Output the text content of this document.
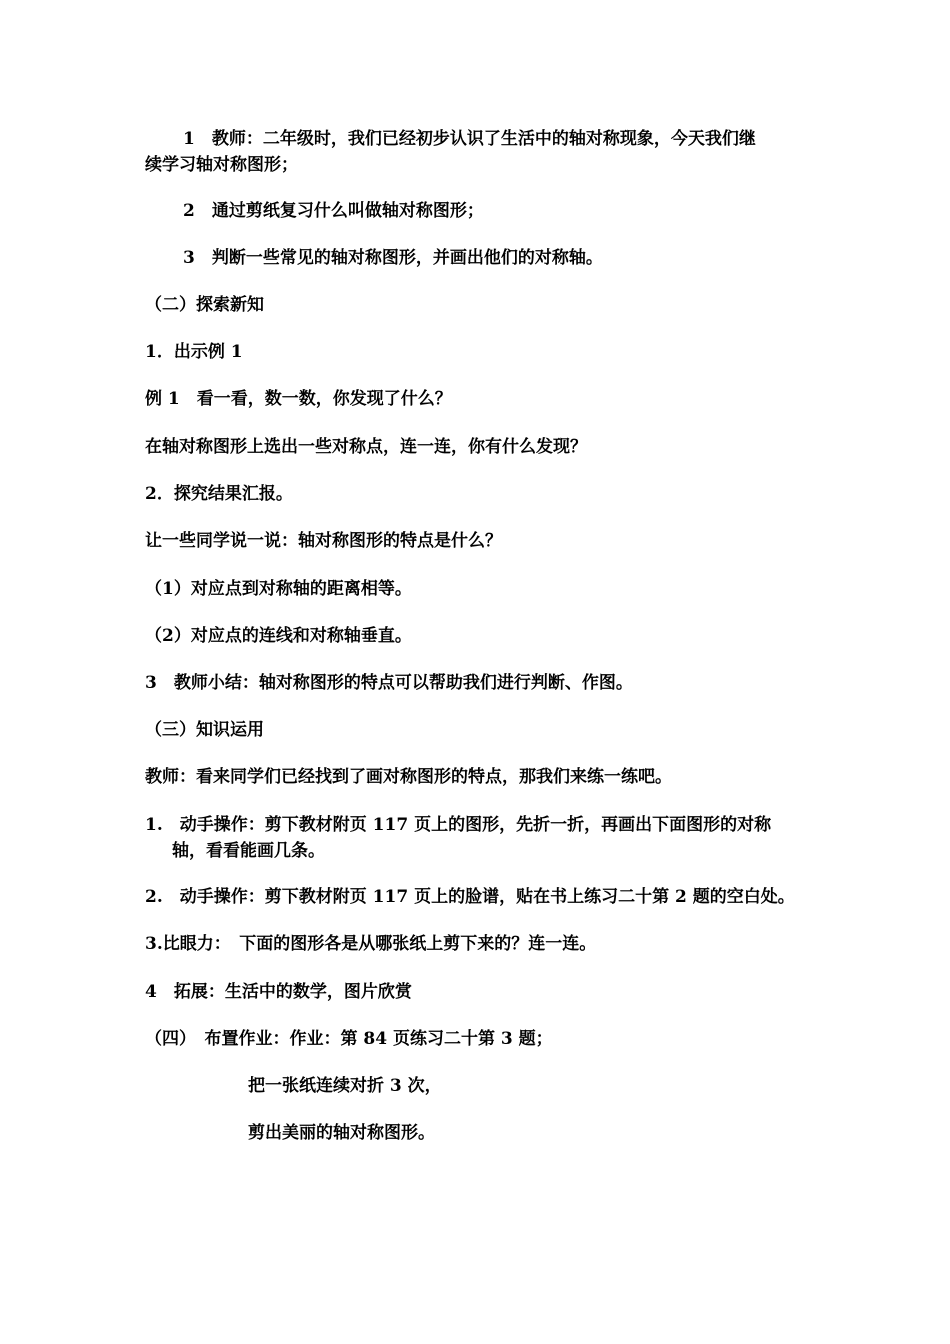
1　教师：二年级时，我们已经初步认识了生活中的轴对称现象，今天我们继
续学习轴对称图形；
2　通过剪纸复习什么叫做轴对称图形；
3　判断一些常见的轴对称图形，并画出他们的对称轴。
（二）探索新知
1．出示例 1
例 1　看一看，数一数，你发现了什么？
在轴对称图形上选出一些对称点，连一连，你有什么发现？
2．探究结果汇报。
让一些同学说一说：轴对称图形的特点是什么？
（1）对应点到对称轴的距离相等。
（2）对应点的连线和对称轴垂直。
3　教师小结：轴对称图形的特点可以帮助我们进行判断、作图。
（三）知识运用
教师：看来同学们已经找到了画对称图形的特点，那我们来练一练吧。
1.　动手操作：剪下教材附页 117 页上的图形，先折一折，再画出下面图形的对称
轴，看看能画几条。
2.　动手操作：剪下教材附页 117 页上的脸谱，贴在书上练习二十第 2 题的空白处。
3.比眼力：　下面的图形各是从哪张纸上剪下来的？连一连。
4　拓展：生活中的数学，图片欣赏
（四）　布置作业：作业：第 84 页练习二十第 3 题；
把一张纸连续对折 3 次，
剪出美丽的轴对称图形。
